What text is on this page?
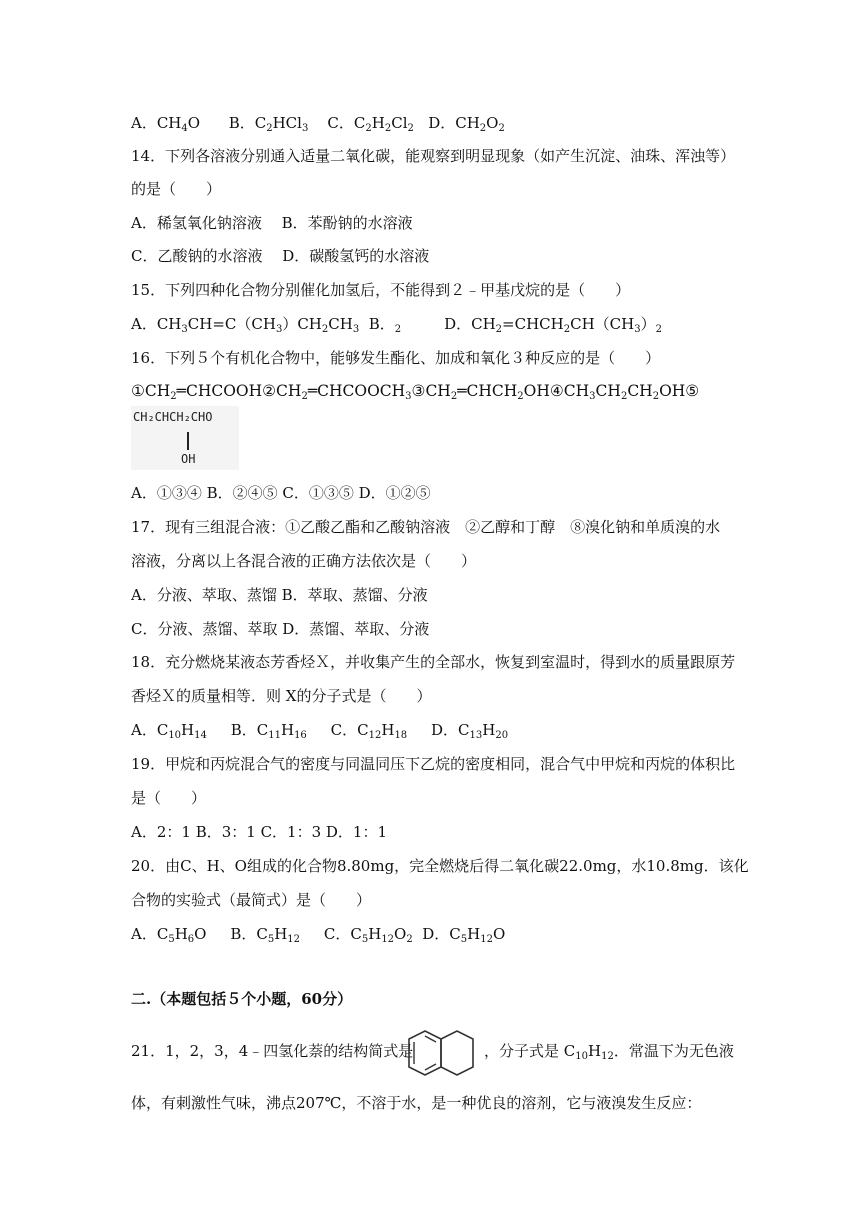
A．$CH_4O$ B．$C_2HCl_3$ C．$C_2H_2Cl_2$ D．$CH_2O_2$
14．下列各溶液分别通入适量二氧化碳，能观察到明显现象（如产生沉淀、油珠、浑浊等）
的是（　　）
A．稀氢氧化钠溶液　 B．苯酚钠的水溶液
C．乙酸钠的水溶液　 D．碳酸氢钙的水溶液
15．下列四种化合物分别催化加氢后，不能得到２﹣甲基戊烷的是（　　）
A．$CH_3CH=C(CH_3)CH_2CH_3$ B．$_2$	D．$CH_2=CHCH_2CH(CH_3)_2$
16．下列５个有机化合物中，能够发生酯化、加成和氧化３种反应的是（　　）
$①CH_2═CHCOOH②CH_2═CHCOOCH_3③CH_2═CHCH_2OH④CH_3CH_2CH_2OH⑤$
CH₂CHCH₂CHO
OH
A．①③④ B．②④⑤ C．①③⑤ D．①②⑤
17．现有三组混合液：①乙酸乙酯和乙酸钠溶液　②乙醇和丁醇　⑧溴化钠和单质溴的水
溶液，分离以上各混合液的正确方法依次是（　　）
A．分液、萃取、蒸馏 B．萃取、蒸馏、分液
C．分液、蒸馏、萃取 D．蒸馏、萃取、分液
18．充分燃烧某液态芳香烃Ｘ，并收集产生的全部水，恢复到室温时，得到水的质量跟原芳
香烃Ｘ的质量相等．则 X的分子式是（　　）
A．$C_{10}H_{14}$ B．$C_{11}H_{16}$ C．$C_{12}H_{18}$ D．$C_{13}H_{20}$
19．甲烷和丙烷混合气的密度与同温同压下乙烷的密度相同，混合气中甲烷和丙烷的体积比
是（　　）
A．2：1 B．3：1 C．1：3 D．1：1
20．由C、H、O组成的化合物8.80mg，完全燃烧后得二氧化碳22.0mg，水10.8mg．该化
合物的实验式（最简式）是（　　）
A．$C_5H_6O$ B．$C_5H_{12}$ C．$C_5H_{12}O_2$ D．$C_5H_{12}O$
二.（本题包括５个小题，60分）
21．1，2，3，4﹣四氢化萘的结构简式是	，分子式是 $C_{10}H_{12}$．常温下为无色液
体，有刺激性气味，沸点207℃，不溶于水，是一种优良的溶剂，它与液溴发生反应：
